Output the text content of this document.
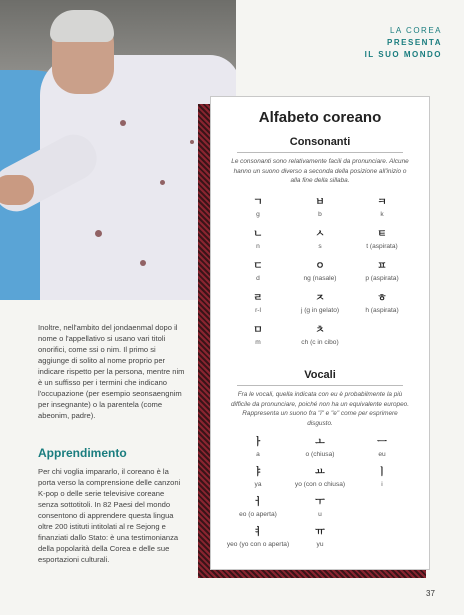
LA COREA
PRESENTA
IL SUO MONDO

Inoltre, nell'ambito del jondaenmal dopo il nome o l'appellativo si usano vari titoli onorifici, come ssi o nim. Il primo si aggiunge di solito al nome proprio per indicare rispetto per la persona, mentre nim è un suffisso per i termini che indicano l'occupazione (per esempio seonsaengnim per insegnante) o la parentela (come abeonim, padre).

Apprendimento

Per chi voglia impararlo, il coreano è la porta verso la comprensione delle canzoni K-pop o delle serie televisive coreane senza sottotitoli. In 82 Paesi del mondo consentono di apprendere questa lingua oltre 200 istituti intitolati al re Sejong e finanziati dallo Stato: è una testimonianza della popolarità della Corea e delle sue esportazioni culturali.

Alfabeto coreano
Consonanti

Le consonanti sono relativamente facili da pronunciare. Alcune hanno un suono diverso a seconda della posizione all'inizio o alla fine della sillaba.

ㄱ
g
ㅂ
b
ㅋ
k
ㄴ
n
ㅅ
s
ㅌ
t (aspirata)
ㄷ
d
ㅇ
ng (nasale)
ㅍ
p (aspirata)
ㄹ
r-l
ㅈ
j (g in gelato)
ㅎ
h (aspirata)
ㅁ
m
ㅊ
ch (c in cibo)
Vocali

Fra le vocali, quella indicata con eu è probabilmente la più difficile da pronunciare, poiché non ha un equivalente europeo. Rappresenta un suono fra "i" e "e" come per esprimere disgusto.

ㅏ
a
ㅗ
o (chiusa)
ㅡ
eu
ㅑ
ya
ㅛ
yo (con o chiusa)
ㅣ
i
ㅓ
eo (o aperta)
ㅜ
u
ㅕ
yeo (yo con o aperta)
ㅠ
yu
37
